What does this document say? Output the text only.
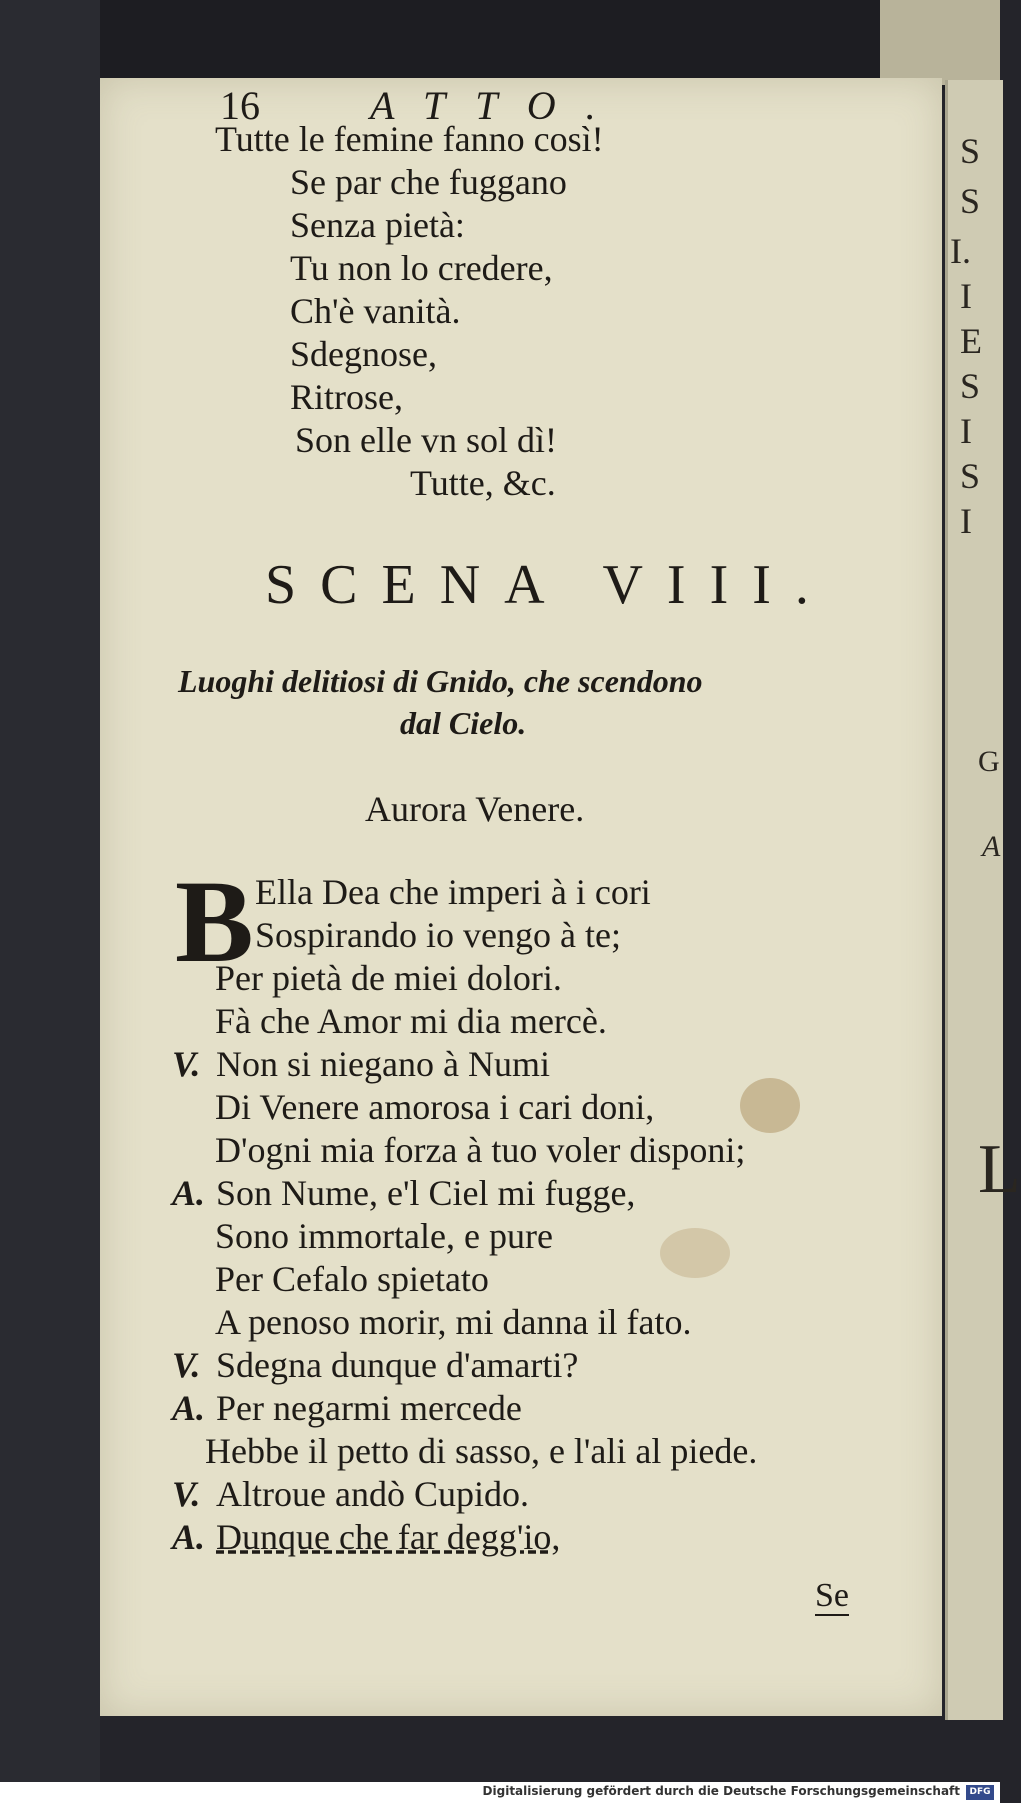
S
S
I.
I
E
S
I
S
I
G
A
L
16	ATTO.
Tutte le femine fanno così!
Se par che fuggano
Senza pietà:
Tu non lo credere,
Ch'è vanità.
Sdegnose,
Ritrose,
Son elle vn sol dì!
Tutte, &c.
SCENA VIII.
Luoghi delitiosi di Gnido, che scendono
dal Cielo.
Aurora Venere.
B Ella Dea che imperi à i cori
Sospirando io vengo à te;
Per pietà de miei dolori.
Fà che Amor mi dia mercè.
V. Non si niegano à Numi
Di Venere amorosa i cari doni,
D'ogni mia forza à tuo voler disponi;
A. Son Nume, e'l Ciel mi fugge,
Sono immortale, e pure
Per Cefalo spietato
A penoso morir, mi danna il fato.
V. Sdegna dunque d'amarti?
A. Per negarmi mercede
Hebbe il petto di sasso, e l'ali al piede.
V. Altroue andò Cupido.
A. Dunque che far degg'io,
Se
Digitalisierung gefördert durch die Deutsche Forschungsgemeinschaft	DFG
